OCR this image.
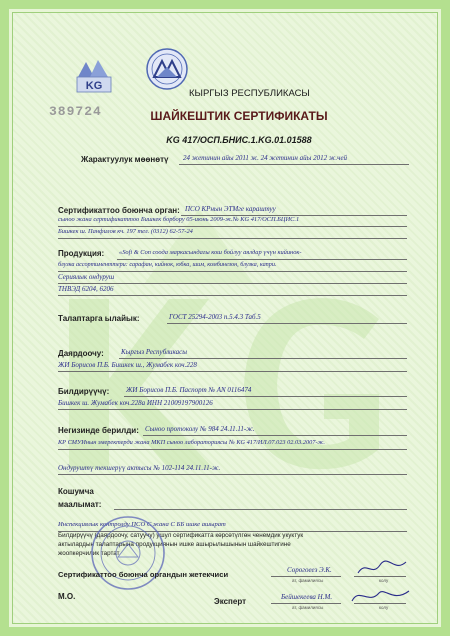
KG
389724
КЫРГЫЗ РЕСПУБЛИКАСЫ
ШАЙКЕШТИК СЕРТИФИКАТЫ
KG 417/ОСП.БНИС.1.KG.01.01588
Жарактуулук мөөнөтү 24 жетинин айы 2011 ж. 24 жетинин айы 2012 ж.чей
Сертификаттоо боюнча орган: ПСО КРнын ЭТМге караштуу
сынoo жана сертификаттоо Бишкек борбору 05-июнь 2009-ж.№ KG 417/ОСП.БЦИС.1
Бишкек ш. Панфилов кч. 197 тел. (0312) 62-57-24
Продукция: «Sofi & Con соода маркасындагы кош бойлуу аялдар үчүн кийинок-
блузка ассортименттери: сарафан, кийнок, юбка, шим, комбинезон, блузка, капри.
Сериялык ондуруш
ТНВЭД 6204, 6206
Талаптарга ылайык:	ГОСТ 25294-2003 п.5.4.3 Таб.5
Даярдоочу: Кыргыз Республикасы
ЖИ Борисов П.Б. Бишкек ш., Жумабек коч.228
Билдирүүчү: ЖИ Борисов П.Б. Паспорт № AN 0116474
Бишкек ш. Жумабек коч.228а ИНН 21009197900126
Негизинде берилди: Сынoo протоколу № 984 24.11.11-ж.
КР СМУИнын эмеректерди жана МКП сынoo лабораториясы № KG 417/ИЛ.07.023 02.03.2007-ж.
Ондуруштү текшерүү актысы № 102-114 24.11.11-ж.
Кошумча
маалымат:
Инспекциялык контролду ПСО С жана С ББ ишке ашырат
Билдирүүчү (даярдоочу, сатуучу) ушул сертификатта көрсөтүлгөн ченемдик укуктук
актылардын талаптарына продукциянын ишке ашырылышынын шайкештигине
жоопкерчилик тартат
Сертификаттоо боюнча органдын жетекчиси	Сорогоеез Э.К.
ат, фамилиясы	колу
М.О.
Эксперт	Бейшекеева Н.М.
ат, фамилиясы	колу
